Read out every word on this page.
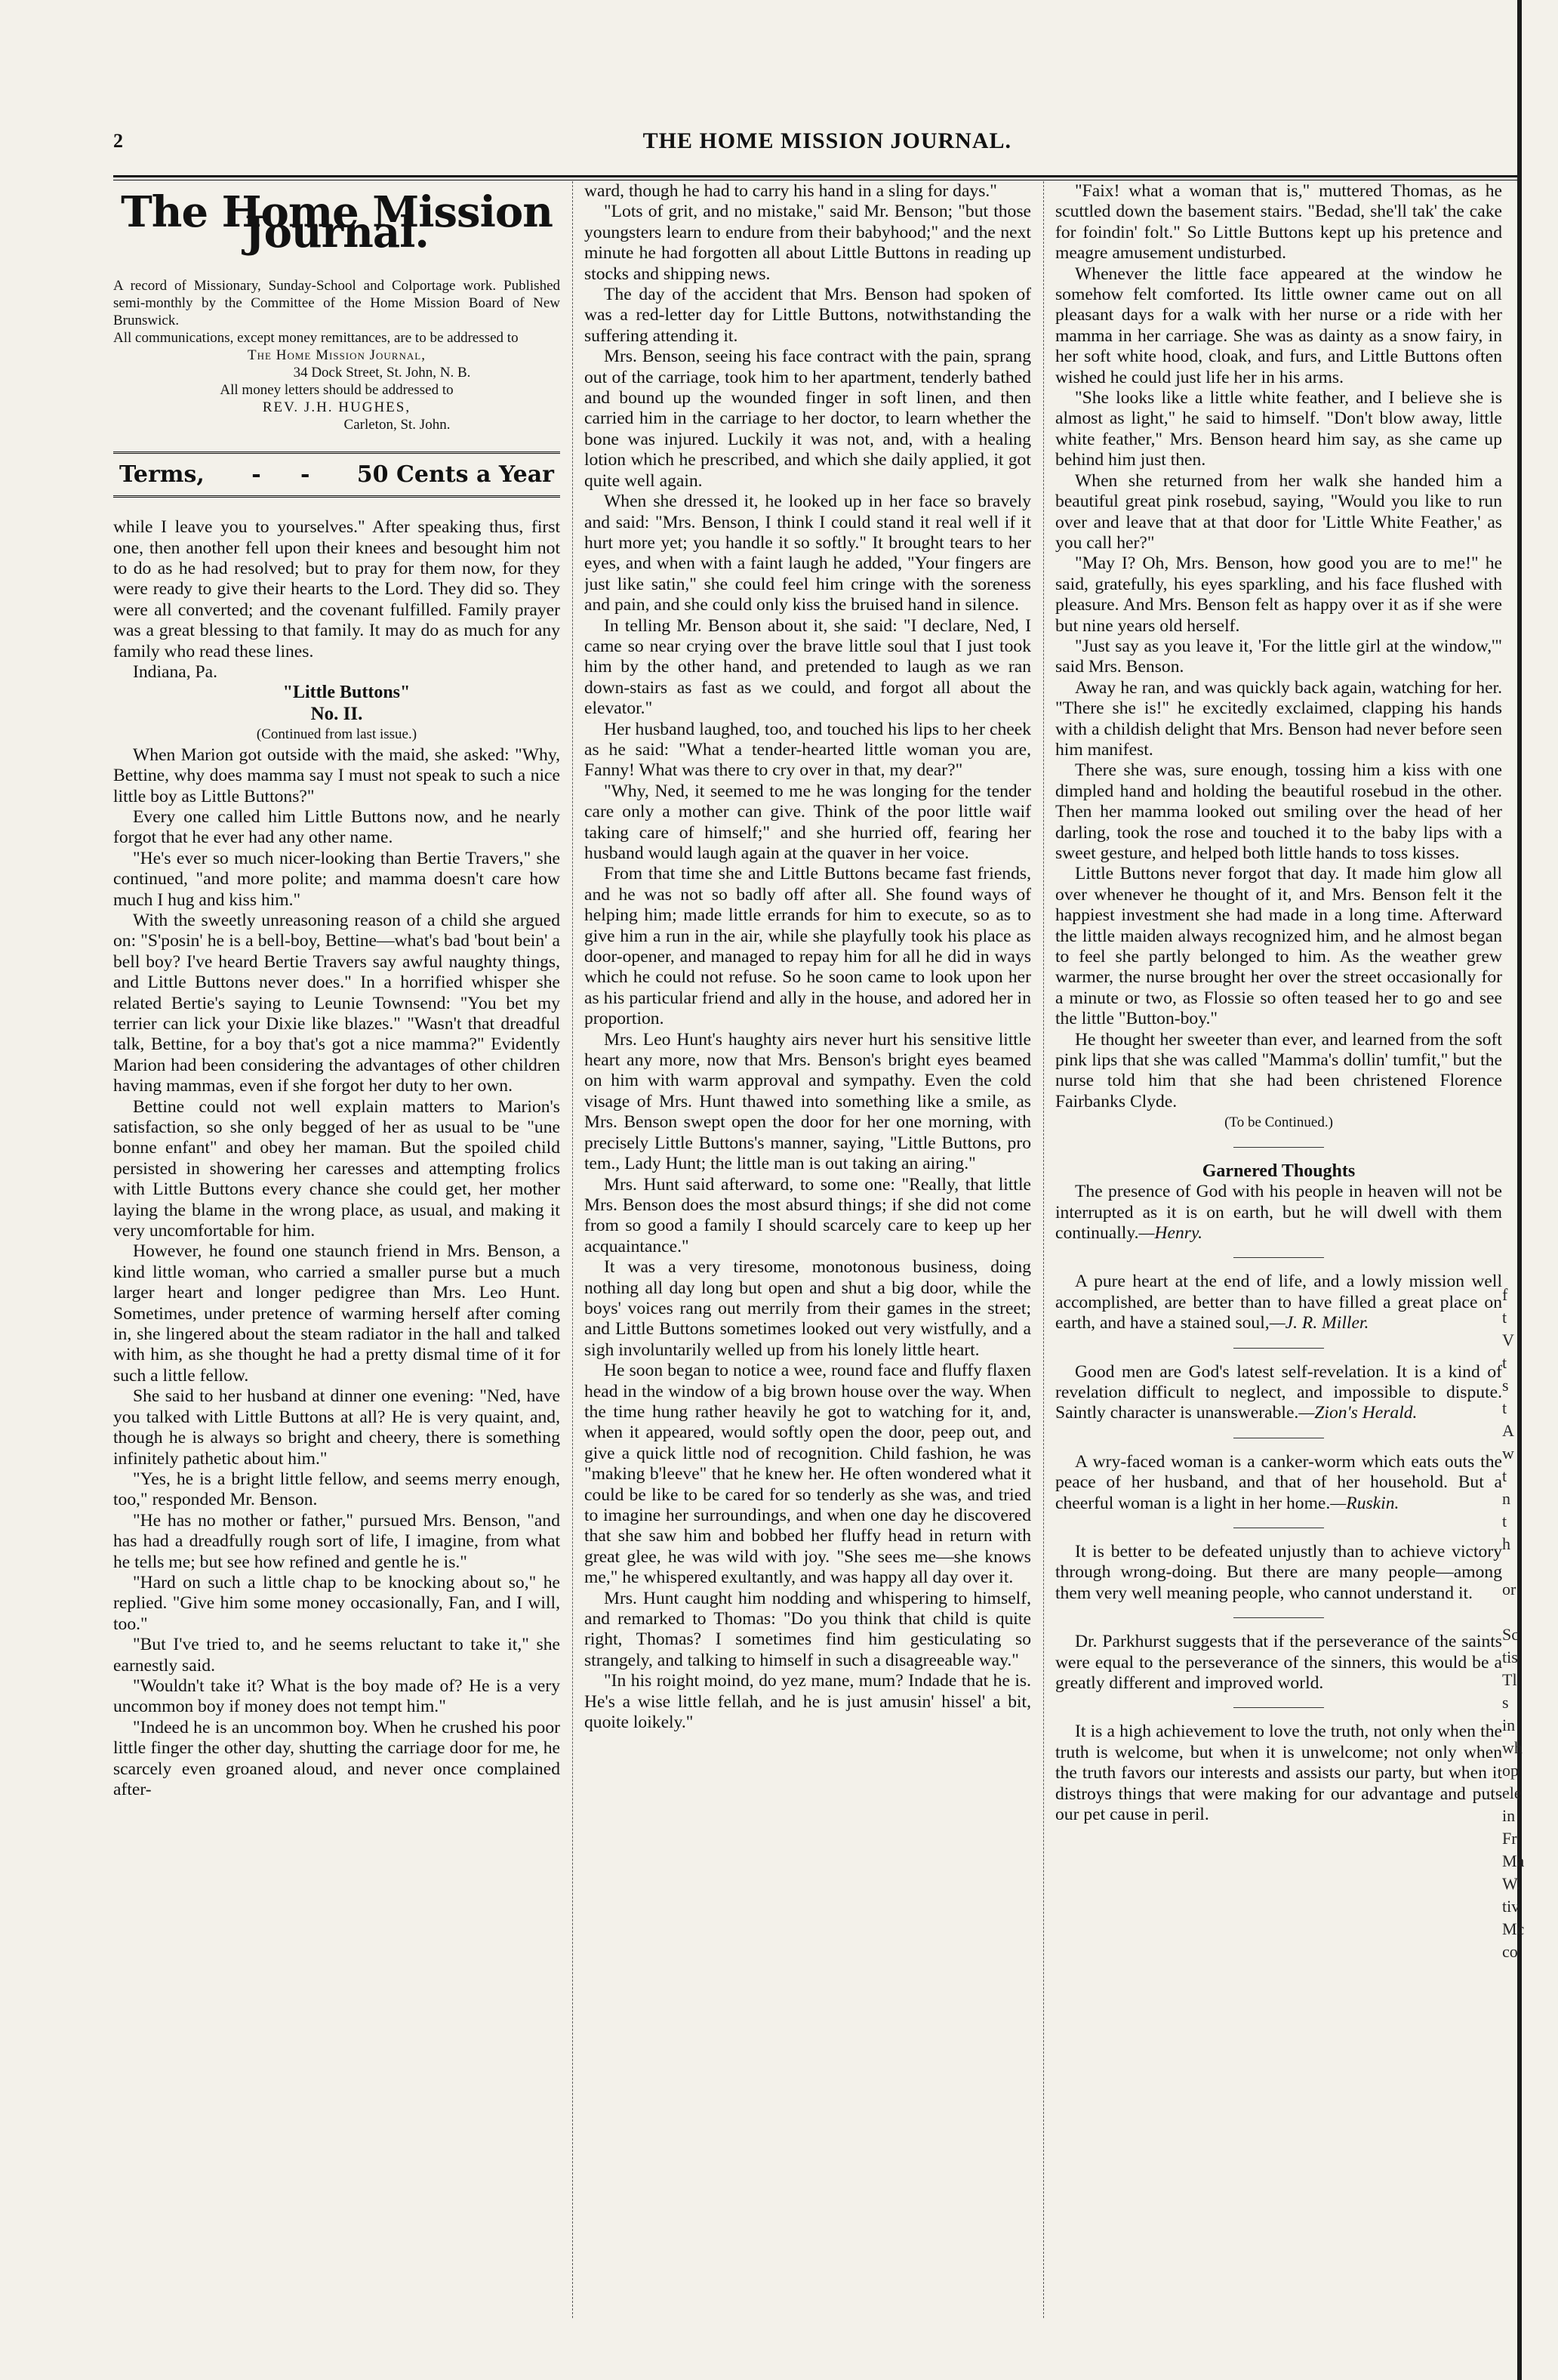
2	THE HOME MISSION JOURNAL.
The Home Mission Journal.

A record of Missionary, Sunday-School and Colportage work. Published semi-monthly by the Committee of the Home Mission Board of New Brunswick.

All communications, except money remittances, are to be addressed to

The Home Mission Journal,

34 Dock Street, St. John, N. B.

All money letters should be addressed to

REV. J.H. HUGHES,

Carleton, St. John.

Terms, -     - 50 Cents a Year

while I leave you to yourselves." After speaking thus, first one, then another fell upon their knees and besought him not to do as he had resolved; but to pray for them now, for they were ready to give their hearts to the Lord. They did so. They were all converted; and the covenant fulfilled. Family prayer was a great blessing to that family. It may do as much for any family who read these lines.

Indiana, Pa.

"Little Buttons"

No. II.

(Continued from last issue.)

When Marion got outside with the maid, she asked: "Why, Bettine, why does mamma say I must not speak to such a nice little boy as Little Buttons?"

Every one called him Little Buttons now, and he nearly forgot that he ever had any other name.

"He's ever so much nicer-looking than Bertie Travers," she continued, "and more polite; and mamma doesn't care how much I hug and kiss him."

With the sweetly unreasoning reason of a child she argued on: "S'posin' he is a bell-boy, Bettine—what's bad 'bout bein' a bell boy? I've heard Bertie Travers say awful naughty things, and Little Buttons never does." In a horrified whisper she related Bertie's saying to Leunie Townsend: "You bet my terrier can lick your Dixie like blazes." "Wasn't that dreadful talk, Bettine, for a boy that's got a nice mamma?" Evidently Marion had been considering the advantages of other children having mammas, even if she forgot her duty to her own.

Bettine could not well explain matters to Marion's satisfaction, so she only begged of her as usual to be "une bonne enfant" and obey her maman. But the spoiled child persisted in showering her caresses and attempting frolics with Little Buttons every chance she could get, her mother laying the blame in the wrong place, as usual, and making it very uncomfortable for him.

However, he found one staunch friend in Mrs. Benson, a kind little woman, who carried a smaller purse but a much larger heart and longer pedigree than Mrs. Leo Hunt. Sometimes, under pretence of warming herself after coming in, she lingered about the steam radiator in the hall and talked with him, as she thought he had a pretty dismal time of it for such a little fellow.

She said to her husband at dinner one evening: "Ned, have you talked with Little Buttons at all? He is very quaint, and, though he is always so bright and cheery, there is something infinitely pathetic about him."

"Yes, he is a bright little fellow, and seems merry enough, too," responded Mr. Benson.

"He has no mother or father," pursued Mrs. Benson, "and has had a dreadfully rough sort of life, I imagine, from what he tells me; but see how refined and gentle he is."

"Hard on such a little chap to be knocking about so," he replied. "Give him some money occasionally, Fan, and I will, too."

"But I've tried to, and he seems reluctant to take it," she earnestly said.

"Wouldn't take it? What is the boy made of? He is a very uncommon boy if money does not tempt him."

"Indeed he is an uncommon boy. When he crushed his poor little finger the other day, shutting the carriage door for me, he scarcely even groaned aloud, and never once complained after-

ward, though he had to carry his hand in a sling for days."

"Lots of grit, and no mistake," said Mr. Benson; "but those youngsters learn to endure from their babyhood;" and the next minute he had forgotten all about Little Buttons in reading up stocks and shipping news.

The day of the accident that Mrs. Benson had spoken of was a red-letter day for Little Buttons, notwithstanding the suffering attending it.

Mrs. Benson, seeing his face contract with the pain, sprang out of the carriage, took him to her apartment, tenderly bathed and bound up the wounded finger in soft linen, and then carried him in the carriage to her doctor, to learn whether the bone was injured. Luckily it was not, and, with a healing lotion which he prescribed, and which she daily applied, it got quite well again.

When she dressed it, he looked up in her face so bravely and said: "Mrs. Benson, I think I could stand it real well if it hurt more yet; you handle it so softly." It brought tears to her eyes, and when with a faint laugh he added, "Your fingers are just like satin," she could feel him cringe with the soreness and pain, and she could only kiss the bruised hand in silence.

In telling Mr. Benson about it, she said: "I declare, Ned, I came so near crying over the brave little soul that I just took him by the other hand, and pretended to laugh as we ran down-stairs as fast as we could, and forgot all about the elevator."

Her husband laughed, too, and touched his lips to her cheek as he said: "What a tender-hearted little woman you are, Fanny! What was there to cry over in that, my dear?"

"Why, Ned, it seemed to me he was longing for the tender care only a mother can give. Think of the poor little waif taking care of himself;" and she hurried off, fearing her husband would laugh again at the quaver in her voice.

From that time she and Little Buttons became fast friends, and he was not so badly off after all. She found ways of helping him; made little errands for him to execute, so as to give him a run in the air, while she playfully took his place as door-opener, and managed to repay him for all he did in ways which he could not refuse. So he soon came to look upon her as his particular friend and ally in the house, and adored her in proportion.

Mrs. Leo Hunt's haughty airs never hurt his sensitive little heart any more, now that Mrs. Benson's bright eyes beamed on him with warm approval and sympathy. Even the cold visage of Mrs. Hunt thawed into something like a smile, as Mrs. Benson swept open the door for her one morning, with precisely Little Buttons's manner, saying, "Little Buttons, pro tem., Lady Hunt; the little man is out taking an airing."

Mrs. Hunt said afterward, to some one: "Really, that little Mrs. Benson does the most absurd things; if she did not come from so good a family I should scarcely care to keep up her acquaintance."

It was a very tiresome, monotonous business, doing nothing all day long but open and shut a big door, while the boys' voices rang out merrily from their games in the street; and Little Buttons sometimes looked out very wistfully, and a sigh involuntarily welled up from his lonely little heart.

He soon began to notice a wee, round face and fluffy flaxen head in the window of a big brown house over the way. When the time hung rather heavily he got to watching for it, and, when it appeared, would softly open the door, peep out, and give a quick little nod of recognition. Child fashion, he was "making b'leeve" that he knew her. He often wondered what it could be like to be cared for so tenderly as she was, and tried to imagine her surroundings, and when one day he discovered that she saw him and bobbed her fluffy head in return with great glee, he was wild with joy. "She sees me—she knows me," he whispered exultantly, and was happy all day over it.

Mrs. Hunt caught him nodding and whispering to himself, and remarked to Thomas: "Do you think that child is quite right, Thomas? I sometimes find him gesticulating so strangely, and talking to himself in such a disagreeable way."

"In his roight moind, do yez mane, mum? Indade that he is. He's a wise little fellah, and he is just amusin' hissel' a bit, quoite loikely."

"Faix! what a woman that is," muttered Thomas, as he scuttled down the basement stairs. "Bedad, she'll tak' the cake for foindin' folt." So Little Buttons kept up his pretence and meagre amusement undisturbed.

Whenever the little face appeared at the window he somehow felt comforted. Its little owner came out on all pleasant days for a walk with her nurse or a ride with her mamma in her carriage. She was as dainty as a snow fairy, in her soft white hood, cloak, and furs, and Little Buttons often wished he could just life her in his arms.

"She looks like a little white feather, and I believe she is almost as light," he said to himself. "Don't blow away, little white feather," Mrs. Benson heard him say, as she came up behind him just then.

When she returned from her walk she handed him a beautiful great pink rosebud, saying, "Would you like to run over and leave that at that door for 'Little White Feather,' as you call her?"

"May I? Oh, Mrs. Benson, how good you are to me!" he said, gratefully, his eyes sparkling, and his face flushed with pleasure. And Mrs. Benson felt as happy over it as if she were but nine years old herself.

"Just say as you leave it, 'For the little girl at the window,'" said Mrs. Benson.

Away he ran, and was quickly back again, watching for her. "There she is!" he excitedly exclaimed, clapping his hands with a childish delight that Mrs. Benson had never before seen him manifest.

There she was, sure enough, tossing him a kiss with one dimpled hand and holding the beautiful rosebud in the other. Then her mamma looked out smiling over the head of her darling, took the rose and touched it to the baby lips with a sweet gesture, and helped both little hands to toss kisses.

Little Buttons never forgot that day. It made him glow all over whenever he thought of it, and Mrs. Benson felt it the happiest investment she had made in a long time. Afterward the little maiden always recognized him, and he almost began to feel she partly belonged to him. As the weather grew warmer, the nurse brought her over the street occasionally for a minute or two, as Flossie so often teased her to go and see the little "Button-boy."

He thought her sweeter than ever, and learned from the soft pink lips that she was called "Mamma's dollin' tumfit," but the nurse told him that she had been christened Florence Fairbanks Clyde.

(To be Continued.)

Garnered Thoughts

The presence of God with his people in heaven will not be interrupted as it is on earth, but he will dwell with them continually.—Henry.

A pure heart at the end of life, and a lowly mission well accomplished, are better than to have filled a great place on earth, and have a stained soul,—J. R. Miller.

Good men are God's latest self-revelation. It is a kind of revelation difficult to neglect, and impossible to dispute. Saintly character is unanswerable.—Zion's Herald.

A wry-faced woman is a canker-worm which eats outs the peace of her husband, and that of her household. But a cheerful woman is a light in her home.—Ruskin.

It is better to be defeated unjustly than to achieve victory through wrong-doing. But there are many people—among them very well meaning people, who cannot understand it.

Dr. Parkhurst suggests that if the perseverance of the saints were equal to the perseverance of the sinners, this would be a greatly different and improved world.

It is a high achievement to love the truth, not only when the truth is welcome, but when it is unwelcome; not only when the truth favors our interests and assists our party, but when it distroys things that were making for our advantage and puts our pet cause in peril.

f
t
V
t
s
t
A
w
t
n
t
h

or

Sc
tis
Tl
s
in
wh
op
ele
in
Fr
Ma
W.
tiv
Mc
co
